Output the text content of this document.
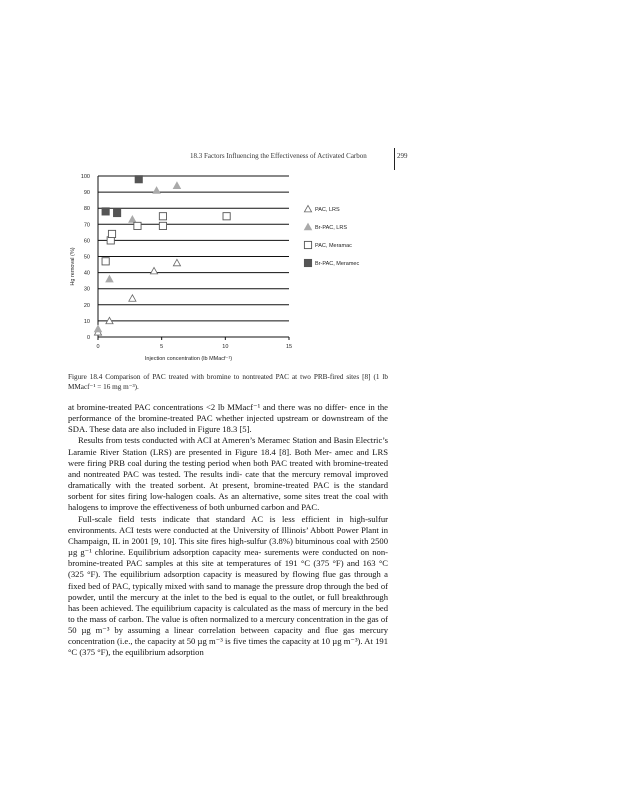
18.3 Factors Influencing the Effectiveness of Activated Carbon	299
0
10
20
30
40
50
60
70
80
90
100
0	5	10	15
Injection concentration (lb MMacf⁻¹)
Hg removal (%)
PAC, LRS
Br-PAC, LRS
PAC, Meramac
Br-PAC, Meramec
Figure 18.4 Comparison of PAC treated with bromine to nontreated PAC at two PRB-fired sites [8] (1 lb MMacf⁻¹ = 16 mg m⁻³).

at bromine-treated PAC concentrations <2 lb MMacf⁻¹ and there was no differ- ence in the performance of the bromine-treated PAC whether injected upstream or downstream of the SDA. These data are also included in Figure 18.3 [5].

Results from tests conducted with ACI at Ameren’s Meramec Station and Basin Electric’s Laramie River Station (LRS) are presented in Figure 18.4 [8]. Both Mer- amec and LRS were firing PRB coal during the testing period when both PAC treated with bromine-treated and nontreated PAC was tested. The results indi- cate that the mercury removal improved dramatically with the treated sorbent. At present, bromine-treated PAC is the standard sorbent for sites firing low-halogen coals. As an alternative, some sites treat the coal with halogens to improve the effectiveness of both unburned carbon and PAC.

Full-scale field tests indicate that standard AC is less efficient in high-sulfur environments. ACI tests were conducted at the University of Illinois’ Abbott Power Plant in Champaign, IL in 2001 [9, 10]. This site fires high-sulfur (3.8%) bituminous coal with 2500 µg g⁻¹ chlorine. Equilibrium adsorption capacity mea- surements were conducted on non-bromine-treated PAC samples at this site at temperatures of 191 °C (375 °F) and 163 °C (325 °F). The equilibrium adsorption capacity is measured by flowing flue gas through a fixed bed of PAC, typically mixed with sand to manage the pressure drop through the bed of powder, until the mercury at the inlet to the bed is equal to the outlet, or full breakthrough has been achieved. The equilibrium capacity is calculated as the mass of mercury in the bed to the mass of carbon. The value is often normalized to a mercury concentration in the gas of 50 µg m⁻³ by assuming a linear correlation between capacity and flue gas mercury concentration (i.e., the capacity at 50 µg m⁻³ is five times the capacity at 10 µg m⁻³). At 191 °C (375 °F), the equilibrium adsorption
